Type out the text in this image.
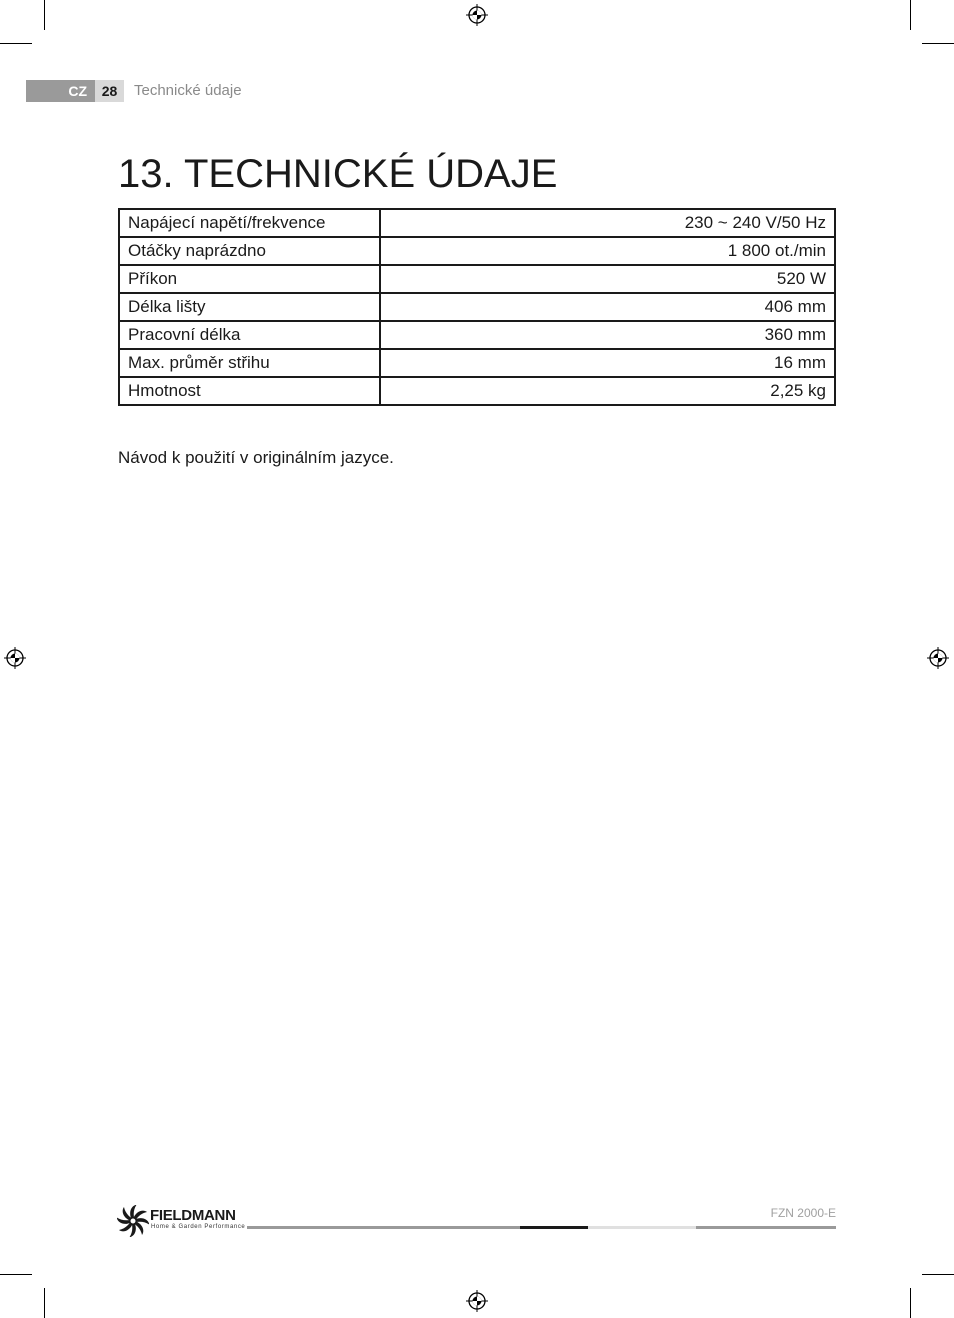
CZ	28	Technické údaje
13. TECHNICKÉ ÚDAJE
Napájecí napětí/frekvence	230 ~ 240 V/50 Hz
Otáčky naprázdno	1 800 ot./min
Příkon	520 W
Délka lišty	406 mm
Pracovní délka	360 mm
Max. průměr střihu	16 mm
Hmotnost	2,25 kg
Návod k použití v originálním jazyce.
FIELDMANN
Home & Garden Performance
FZN 2000-E
